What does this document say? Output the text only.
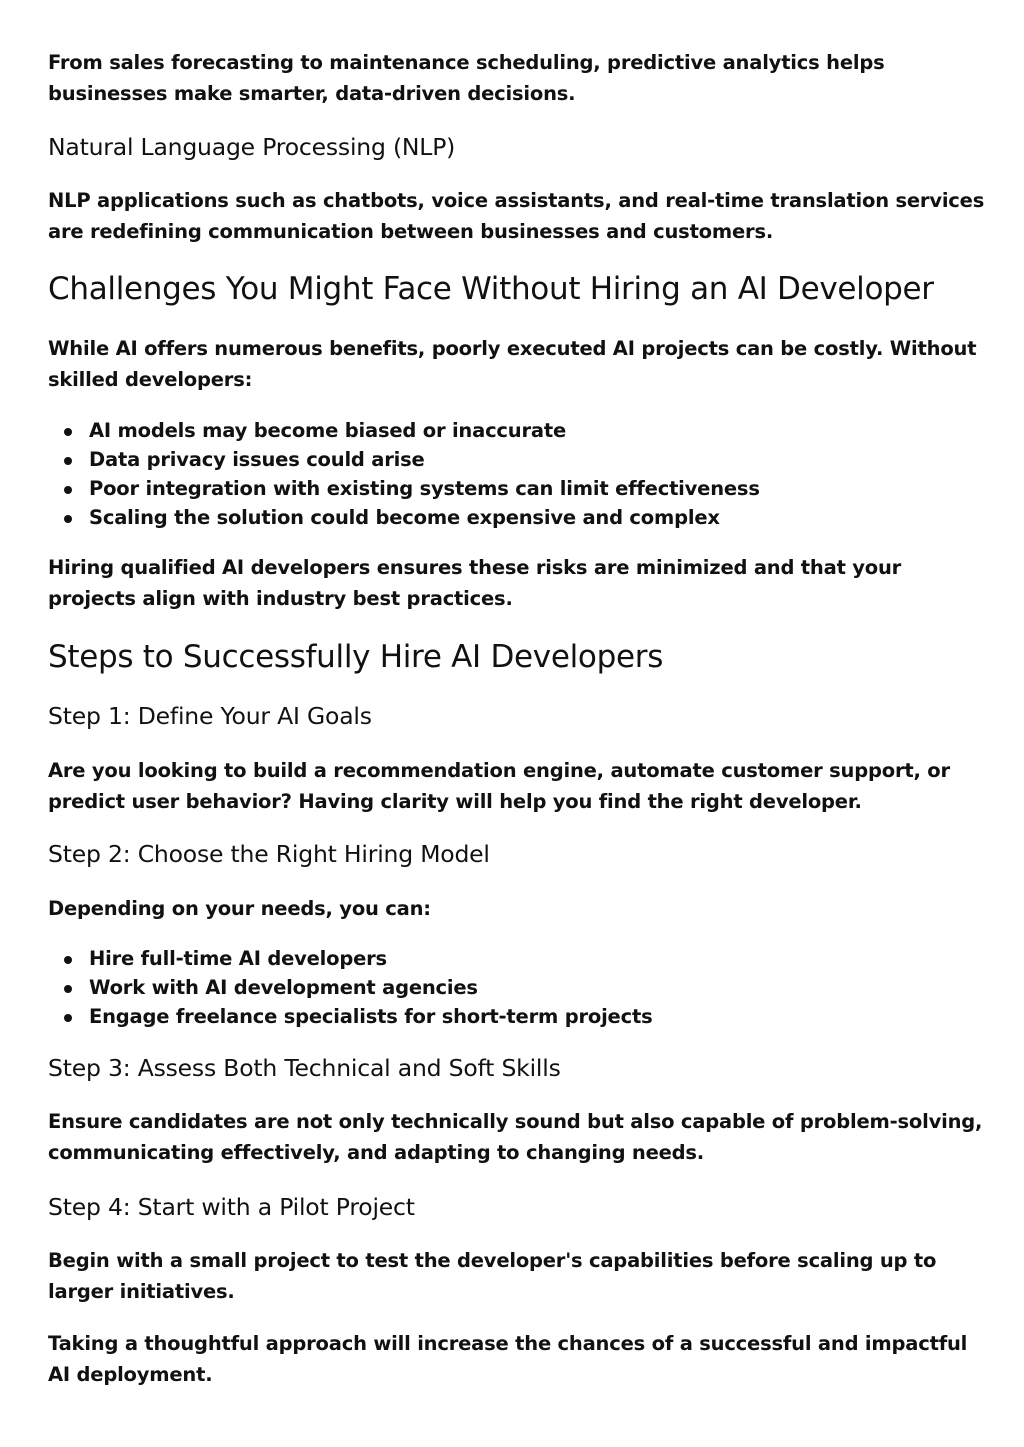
From sales forecasting to maintenance scheduling, predictive analytics helps businesses make smarter, data-driven decisions.

Natural Language Processing (NLP)

NLP applications such as chatbots, voice assistants, and real-time translation services are redefining communication between businesses and customers.

Challenges You Might Face Without Hiring an AI Developer

While AI offers numerous benefits, poorly executed AI projects can be costly. Without skilled developers:

AI models may become biased or inaccurate
Data privacy issues could arise
Poor integration with existing systems can limit effectiveness
Scaling the solution could become expensive and complex

Hiring qualified AI developers ensures these risks are minimized and that your projects align with industry best practices.

Steps to Successfully Hire AI Developers
Step 1: Define Your AI Goals

Are you looking to build a recommendation engine, automate customer support, or predict user behavior? Having clarity will help you find the right developer.

Step 2: Choose the Right Hiring Model

Depending on your needs, you can:

Hire full-time AI developers
Work with AI development agencies
Engage freelance specialists for short-term projects
Step 3: Assess Both Technical and Soft Skills

Ensure candidates are not only technically sound but also capable of problem-solving, communicating effectively, and adapting to changing needs.

Step 4: Start with a Pilot Project

Begin with a small project to test the developer's capabilities before scaling up to larger initiatives.

Taking a thoughtful approach will increase the chances of a successful and impactful AI deployment.
